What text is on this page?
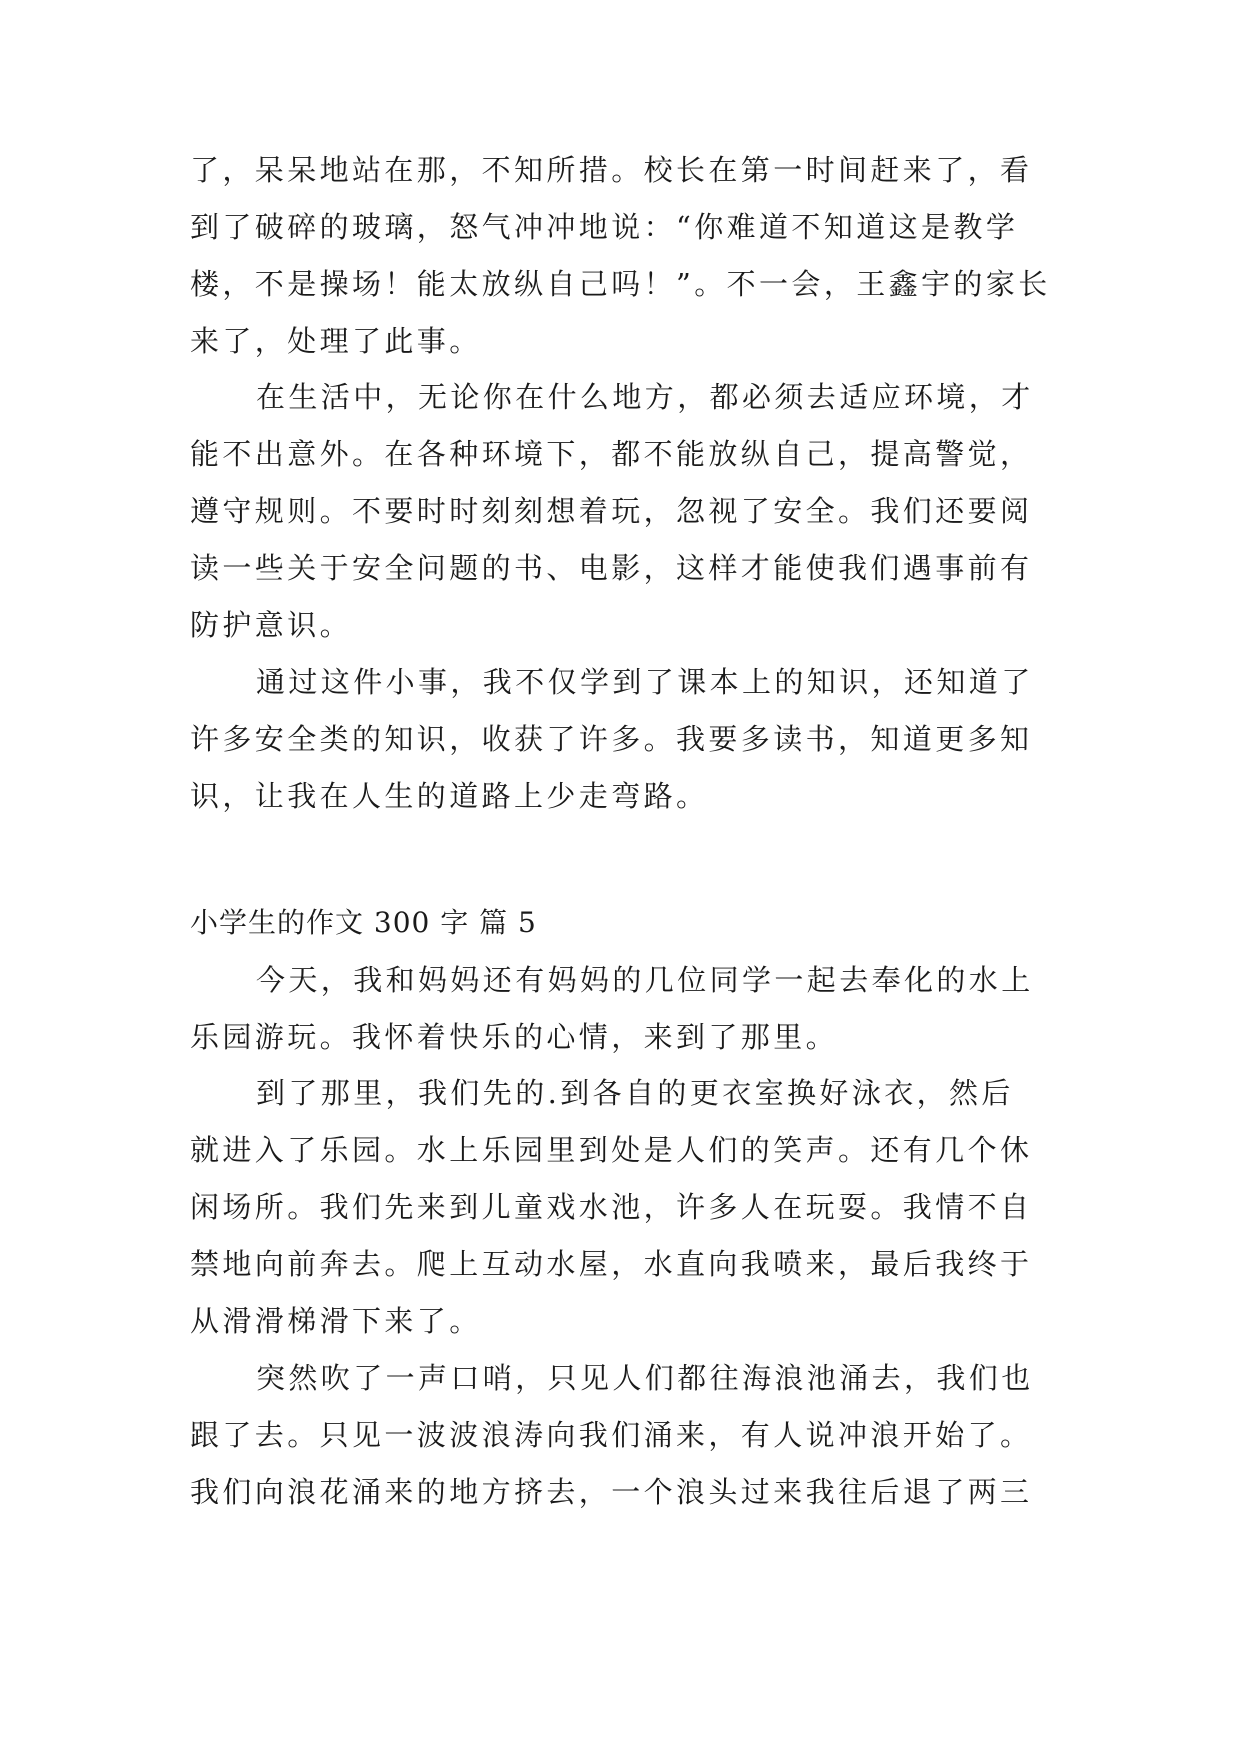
了，呆呆地站在那，不知所措。校长在第一时间赶来了，看
到了破碎的玻璃，怒气冲冲地说：“你难道不知道这是教学
楼，不是操场！能太放纵自己吗！”。不一会，王鑫宇的家长
来了，处理了此事。
在生活中，无论你在什么地方，都必须去适应环境，才
能不出意外。在各种环境下，都不能放纵自己，提高警觉，
遵守规则。不要时时刻刻想着玩，忽视了安全。我们还要阅
读一些关于安全问题的书、电影，这样才能使我们遇事前有
防护意识。
通过这件小事，我不仅学到了课本上的知识，还知道了
许多安全类的知识，收获了许多。我要多读书，知道更多知
识，让我在人生的道路上少走弯路。
小学生的作文 300 字 篇 5
今天，我和妈妈还有妈妈的几位同学一起去奉化的水上
乐园游玩。我怀着快乐的心情，来到了那里。
到了那里，我们先的.到各自的更衣室换好泳衣，然后
就进入了乐园。水上乐园里到处是人们的笑声。还有几个休
闲场所。我们先来到儿童戏水池，许多人在玩耍。我情不自
禁地向前奔去。爬上互动水屋，水直向我喷来，最后我终于
从滑滑梯滑下来了。
突然吹了一声口哨，只见人们都往海浪池涌去，我们也
跟了去。只见一波波浪涛向我们涌来，有人说冲浪开始了。
我们向浪花涌来的地方挤去，一个浪头过来我往后退了两三
